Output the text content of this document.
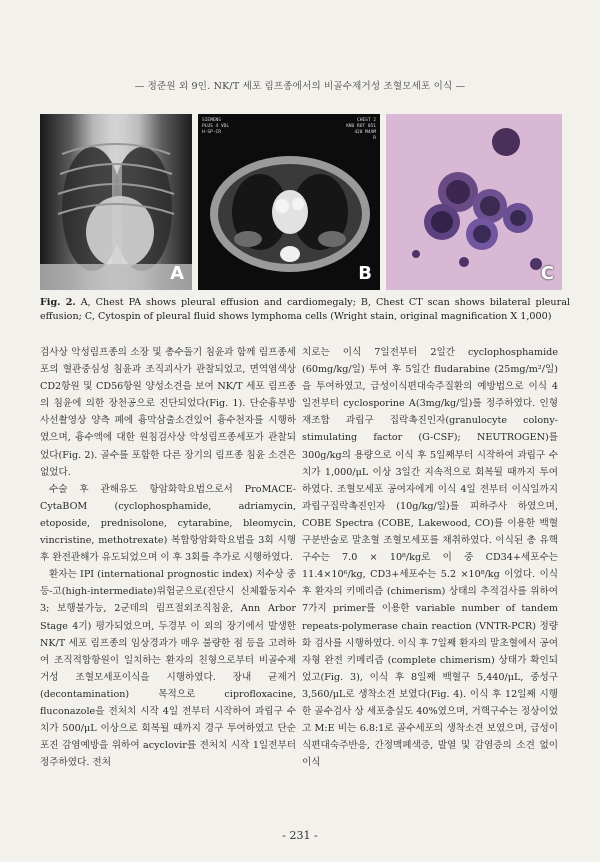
— 정준원 외 9인. NK/T 세포 림프종에서의 비골수제거성 조혈모세포 이식 —
A
SIEMENS
PLUS 4 VDL
H-SP-CR
CHEST 2
KNU ROT 051
420 M4AM
R
B	C
Fig. 2. A, Chest PA shows pleural effusion and cardiomegaly; B, Chest CT scan shows bilateral pleural effusion; C, Cytospin of pleural fluid shows lymphoma cells (Wright stain, original magnification X 1,000)

검사상 악성림프종의 소장 및 총수돌기 침윤과 함께 림프종세포의 혈관중심성 침윤과 조직괴사가 관찰되었고, 면역염색상 CD2항원 및 CD56항원 양성소견을 보여 NK/T 세포 림프종의 침윤에 의한 장천공으로 진단되었다(Fig. 1). 단순흉부방사선촬영상 양측 폐에 흉막삼출소견있어 흉수천자를 시행하였으며, 흉수액에 대한 원침검사상 악성림프종세포가 관찰되었다(Fig. 2). 골수를 포함한 다른 장기의 림프종 침윤 소견은 없었다.

수술 후 관해유도 항암화학요법으로서 ProMACE-CytaBOM (cyclophosphamide, adriamycin, etoposide, prednisolone, cytarabine, bleomycin, vincristine, methotrexate) 복합항암화학요법을 3회 시행 후 완전관해가 유도되었으며 이 후 3회를 추가로 시행하였다.

환자는 IPI (international prognostic index) 저수상 중등-고(high-intermediate)위험군으로(진단시 신체활동지수 3; 보행불가능, 2군데의 림프절외조직침윤, Ann Arbor Stage 4기) 평가되었으며, 두경부 이 외의 장기에서 발생한 NK/T 세포 림프종의 임상경과가 매우 불량한 점 등을 고려하여 조직적합항원이 일치하는 환자의 친형으로부터 비골수제거성 조혈모세포이식을 시행하였다. 장내 균제거(decontamination) 목적으로 ciprofloxacine, fluconazole을 전처치 시작 4일 전부터 시작하여 과립구 수치가 500/μL 이상으로 회복될 때까지 경구 투여하였고 단순포진 감염예방을 위하여 acyclovir를 전처치 시작 1일전부터 정주하였다. 전처

치로는 이식 7일전부터 2일간 cyclophosphamide (60mg/kg/일) 투여 후 5일간 fludarabine (25mg/m²/일)을 투여하였고, 급성이식편대숙주질환의 예방법으로 이식 4일전부터 cyclosporine A(3mg/kg/일)를 정주하였다. 인형재조합 과립구 집락촉진인자(granulocyte colony-stimulating factor (G-CSF); NEUTROGEN)를 300g/kg의 용량으로 이식 후 5일째부터 시작하여 과립구 수치가 1,000/μL 이상 3일간 지속적으로 회복될 때까지 투여하였다. 조혈모세포 공여자에게 이식 4일 전부터 이식일까지 과립구집락촉진인자 (10g/kg/일)를 피하주사 하였으며, COBE Spectra (COBE, Lakewood, CO)를 이용한 백혈구분반술로 말초혈 조혈모세포를 채취하였다. 이식된 총 유핵구수는 7.0 × 10⁸/kg로 이 중 CD34+세포수는 11.4×10⁶/kg, CD3+세포수는 5.2 ×10⁸/kg 이었다. 이식 후 환자의 키메리즘 (chimerism) 상태의 추적검사를 위하여 7가지 primer를 이용한 variable number of tandem repeats-polymerase chain reaction (VNTR-PCR) 정량화 검사를 시행하였다. 이식 후 7일째 환자의 말초혈에서 공여자형 완전 키메리즘 (complete chimerism) 상태가 확인되었고(Fig. 3), 이식 후 8일째 백혈구 5,440/μL, 중성구 3,560/μL로 생착소견 보였다(Fig. 4). 이식 후 12일째 시행한 골수검사 상 세포충실도 40%였으며, 거핵구수는 정상이었고 M:E 비는 6.8:1로 골수세포의 생착소견 보였으며, 급성이식편대숙주반응, 간정맥폐색증, 발열 및 감염증의 소견 없이 이식

- 231 -
